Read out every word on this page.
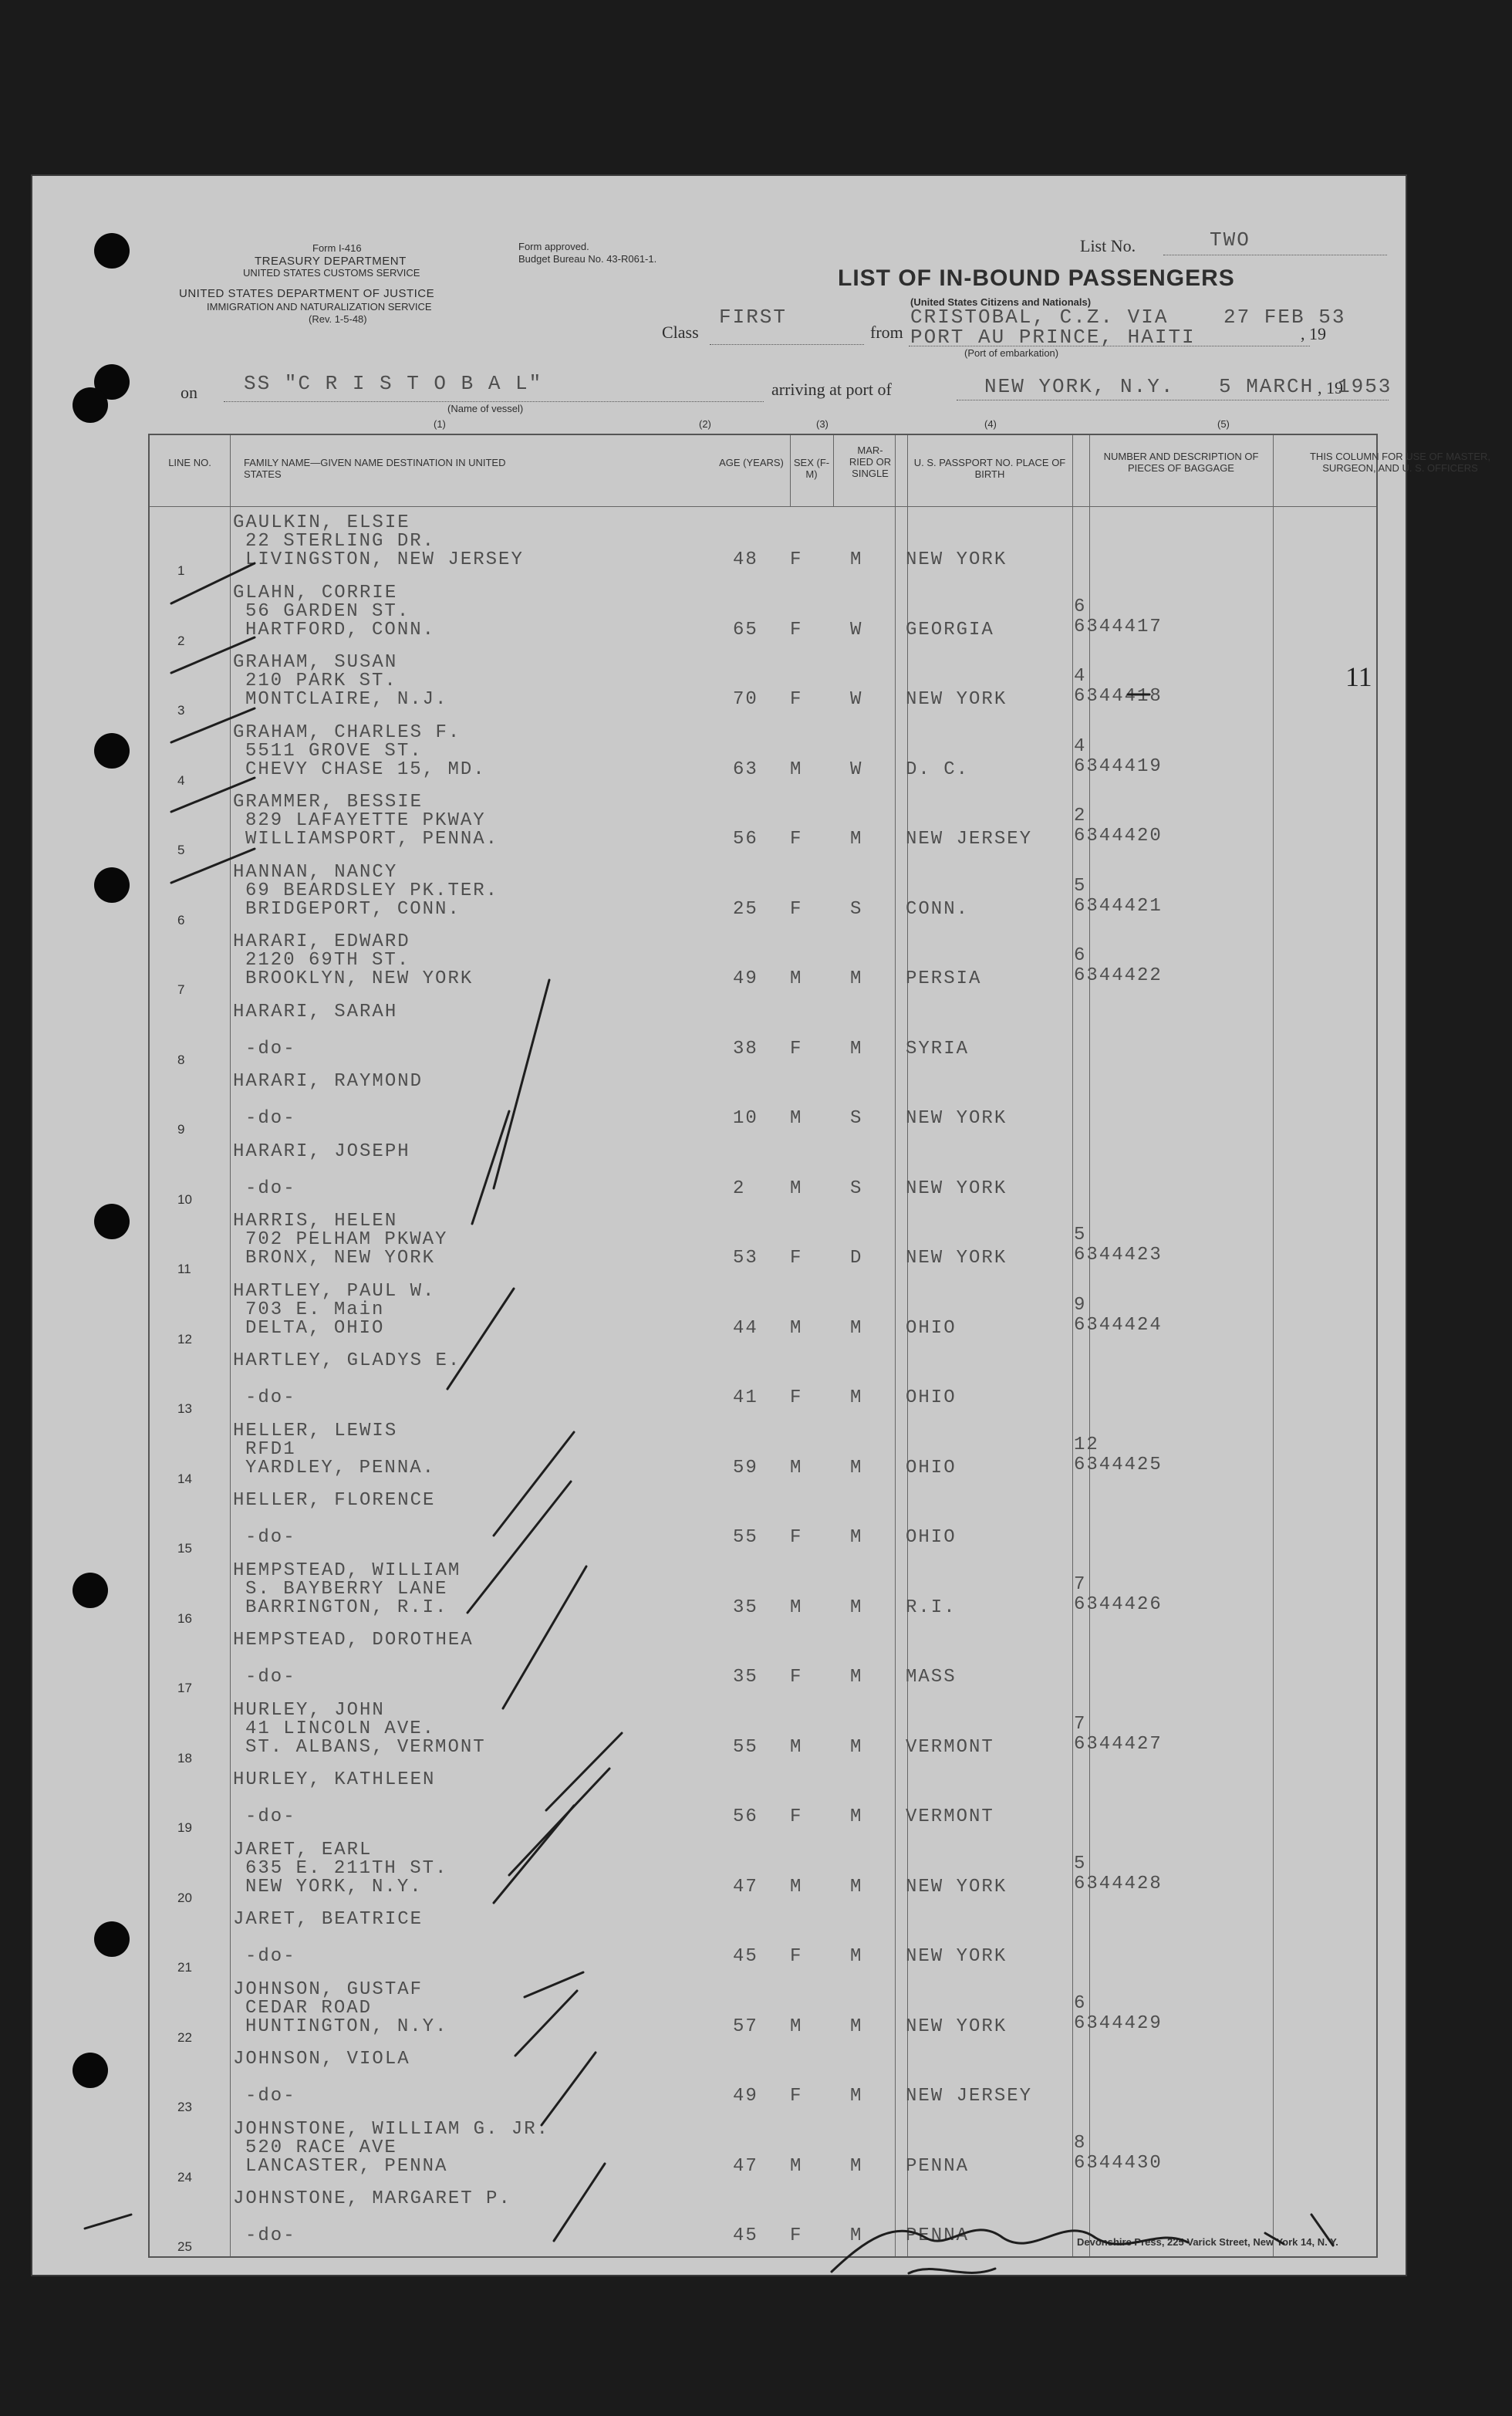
Form I-416
TREASURY DEPARTMENT
UNITED STATES CUSTOMS SERVICE
UNITED STATES DEPARTMENT OF JUSTICE
IMMIGRATION AND NATURALIZATION SERVICE
(Rev. 1-5-48)
Form approved.
Budget Bureau No. 43-R061-1.
List No.	TWO
LIST OF IN-BOUND PASSENGERS
(United States Citizens and Nationals)
Class
FIRST
from
CRISTOBAL, C.Z. VIA
PORT AU PRINCE, HAITI
(Port of embarkation)
27 FEB 53
, 19
on SS "C R I S T O B A L"
(Name of vessel)
arriving at port of	NEW YORK, N.Y. 5 MARCH , 19
1953
(1)	(2)	(3)	(4)	(5)
LINE NO.	FAMILY NAME—GIVEN NAME DESTINATION IN UNITED STATES
AGE (YEARS) SEX (F-M)
MAR-RIED OR SINGLE
U. S. PASSPORT NO. PLACE OF BIRTH
NUMBER AND DESCRIPTION OF PIECES OF BAGGAGE
THIS COLUMN FOR USE OF MASTER, SURGEON, AND U. S. OFFICERS
1
GAULKIN, ELSIE
22 STERLING DR.
LIVINGSTON, NEW JERSEY	48 F	M NEW YORK
2
GLAHN, CORRIE
56 GARDEN ST.
HARTFORD, CONN.	65 F	W GEORGIA
6
6344417
3
GRAHAM, SUSAN
210 PARK ST.
MONTCLAIRE, N.J.	70 F	W NEW YORK
4
6344418
4
GRAHAM, CHARLES F.
5511 GROVE ST.
CHEVY CHASE 15, MD.	63 M	W D. C.
4
6344419
5
GRAMMER, BESSIE
829 LAFAYETTE PKWAY
WILLIAMSPORT, PENNA.	56 F	M NEW JERSEY
2
6344420
6
HANNAN, NANCY
69 BEARDSLEY PK.TER.
BRIDGEPORT, CONN.	25 F	S CONN.
5
6344421
7
HARARI, EDWARD
2120 69TH ST.
BROOKLYN, NEW YORK	49 M	M PERSIA
6
6344422
8
HARARI, SARAH
-do-	38 F	M SYRIA
9
HARARI, RAYMOND
-do-	10 M	S NEW YORK
10
HARARI, JOSEPH
-do-	2 M	S NEW YORK
11
HARRIS, HELEN
702 PELHAM PKWAY
BRONX, NEW YORK	53 F	D NEW YORK
5
6344423
12
HARTLEY, PAUL W.
703 E. Main
DELTA, OHIO	44 M	M OHIO
9
6344424
13
HARTLEY, GLADYS E.
-do-	41 F	M OHIO
14
HELLER, LEWIS
RFD1
YARDLEY, PENNA.	59 M	M OHIO
12
6344425
15
HELLER, FLORENCE
-do-	55 F	M OHIO
16
HEMPSTEAD, WILLIAM
S. BAYBERRY LANE
BARRINGTON, R.I.	35 M	M R.I.
7
6344426
17
HEMPSTEAD, DOROTHEA
-do-	35 F	M MASS
18
HURLEY, JOHN
41 LINCOLN AVE.
ST. ALBANS, VERMONT	55 M	M VERMONT
7
6344427
19
HURLEY, KATHLEEN
-do-	56 F	M VERMONT
20
JARET, EARL
635 E. 211TH ST.
NEW YORK, N.Y.	47 M	M NEW YORK
5
6344428
21
JARET, BEATRICE
-do-	45 F	M NEW YORK
22
JOHNSON, GUSTAF
CEDAR ROAD
HUNTINGTON, N.Y.	57 M	M NEW YORK
6
6344429
23
JOHNSON, VIOLA
-do-	49 F	M NEW JERSEY
24
JOHNSTONE, WILLIAM G. JR.
520 RACE AVE
LANCASTER, PENNA	47 M	M PENNA
8
6344430
25
JOHNSTONE, MARGARET P.
-do-	45 F	M PENNA
11
Devonshire Press, 225 Varick Street, New York 14, N. Y.
